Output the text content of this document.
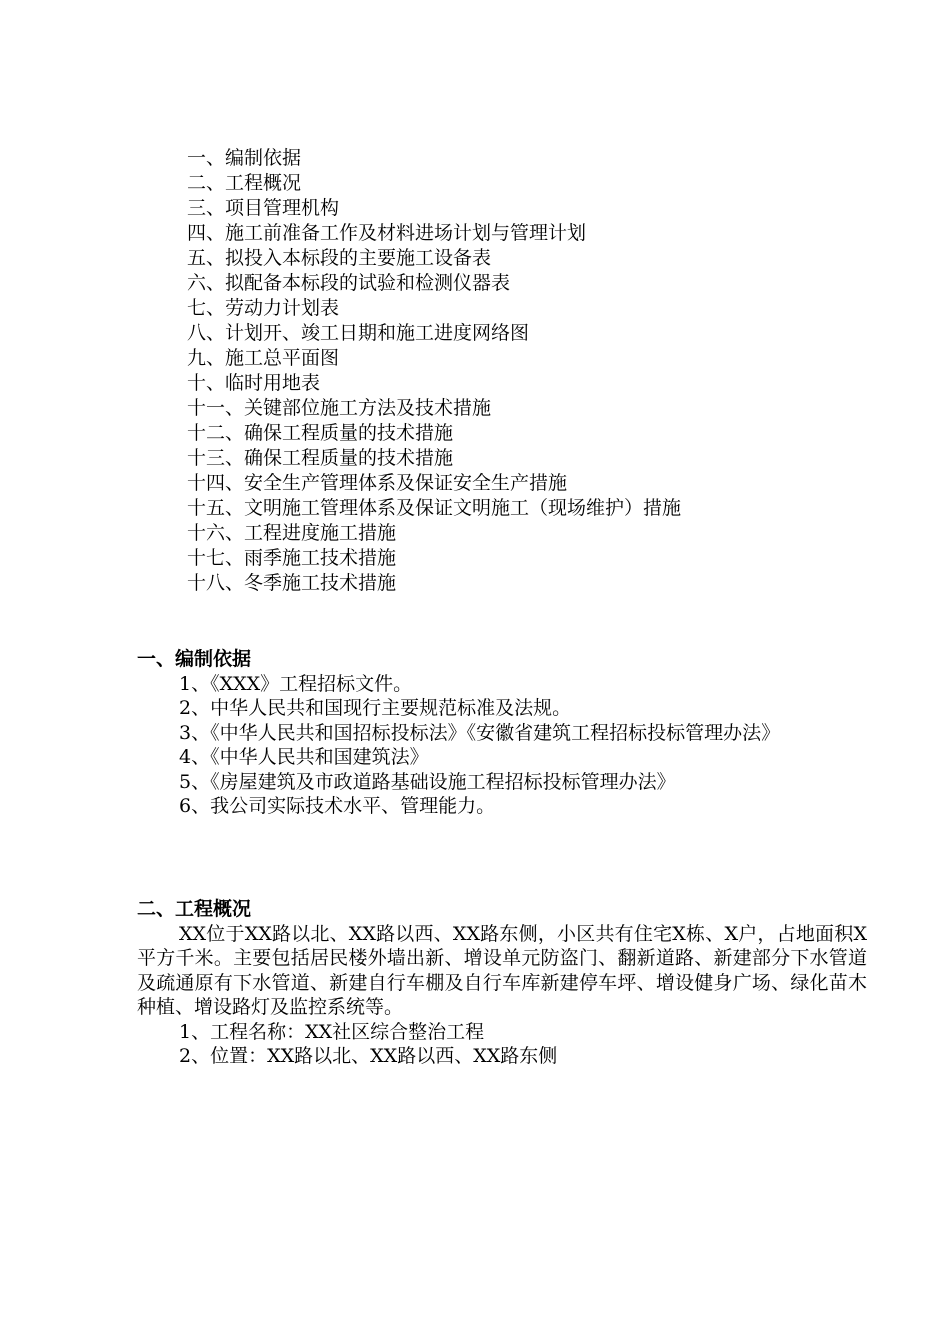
一、编制依据
二、工程概况
三、项目管理机构
四、施工前准备工作及材料进场计划与管理计划
五、拟投入本标段的主要施工设备表
六、拟配备本标段的试验和检测仪器表
七、劳动力计划表
八、计划开、竣工日期和施工进度网络图
九、施工总平面图
十、临时用地表
十一、关键部位施工方法及技术措施
十二、确保工程质量的技术措施
十三、确保工程质量的技术措施
十四、安全生产管理体系及保证安全生产措施
十五、文明施工管理体系及保证文明施工（现场维护）措施
十六、工程进度施工措施
十七、雨季施工技术措施
十八、冬季施工技术措施
一、编制依据

1、《XXX》工程招标文件。

2、中华人民共和国现行主要规范标准及法规。

3、《中华人民共和国招标投标法》《安徽省建筑工程招标投标管理办法》

4、《中华人民共和国建筑法》

5、《房屋建筑及市政道路基础设施工程招标投标管理办法》

6、我公司实际技术水平、管理能力。

二、工程概况

XX位于XX路以北、XX路以西、XX路东侧，小区共有住宅X栋、X户，占地面积X平方千米。主要包括居民楼外墙出新、增设单元防盗门、翻新道路、新建部分下水管道及疏通原有下水管道、新建自行车棚及自行车库新建停车坪、增设健身广场、绿化苗木种植、增设路灯及监控系统等。

1、工程名称：XX社区综合整治工程

2、位置：XX路以北、XX路以西、XX路东侧
